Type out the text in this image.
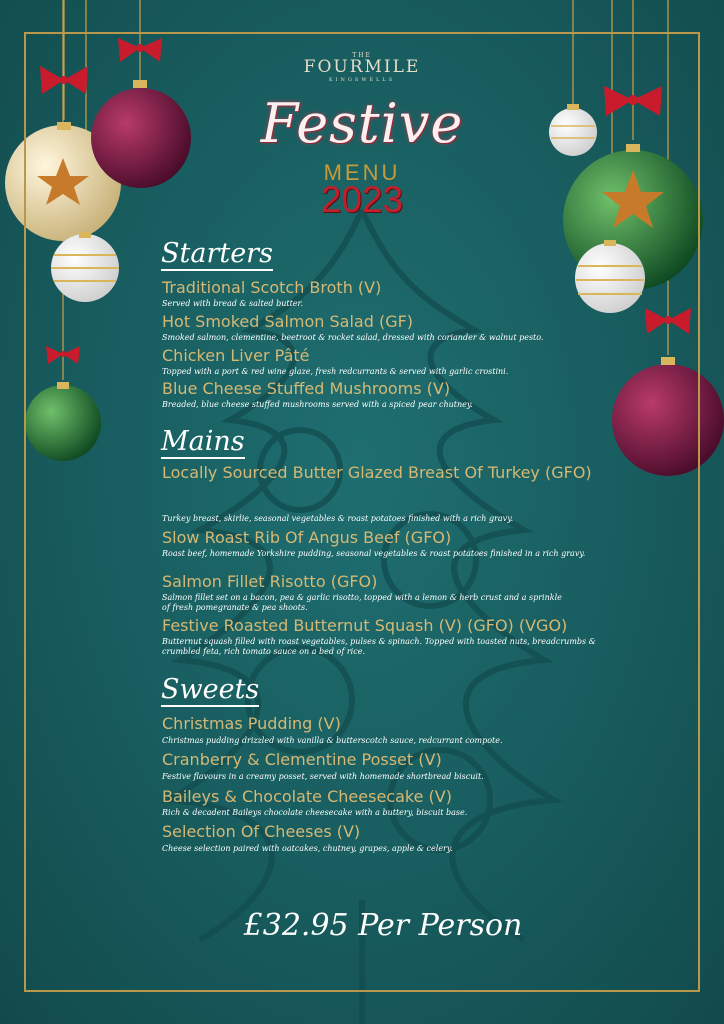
THE
FOURMILE
KINGSWELLS
Festive
MENU
2023
Starters
Traditional Scotch Broth (V)
Served with bread & salted butter.
Hot Smoked Salmon Salad (GF)
Smoked salmon, clementine, beetroot & rocket salad, dressed with coriander & walnut pesto.
Chicken Liver Pâté
Topped with a port & red wine glaze, fresh redcurrants & served with garlic crostini.
Blue Cheese Stuffed Mushrooms (V)
Breaded, blue cheese stuffed mushrooms served with a spiced pear chutney.
Mains
Locally Sourced Butter Glazed Breast Of Turkey (GFO)
Turkey breast, skirlie, seasonal vegetables & roast potatoes finished with a rich gravy.
Slow Roast Rib Of Angus Beef (GFO)
Roast beef, homemade Yorkshire pudding, seasonal vegetables & roast potatoes finished in a rich gravy.
Salmon Fillet Risotto (GFO)
Salmon fillet set on a bacon, pea & garlic risotto, topped with a lemon & herb crust and a sprinkle of fresh pomegranate & pea shoots.
Festive Roasted Butternut Squash (V) (GFO) (VGO)
Butternut squash filled with roast vegetables, pulses & spinach. Topped with toasted nuts, breadcrumbs & crumbled feta, rich tomato sauce on a bed of rice.
Sweets
Christmas Pudding (V)
Christmas pudding drizzled with vanilla & butterscotch sauce, redcurrant compote.
Cranberry & Clementine Posset (V)
Festive flavours in a creamy posset, served with homemade shortbread biscuit.
Baileys & Chocolate Cheesecake (V)
Rich & decadent Baileys chocolate cheesecake with a buttery, biscuit base.
Selection Of Cheeses (V)
Cheese selection paired with oatcakes, chutney, grapes, apple & celery.
£32.95 Per Person
